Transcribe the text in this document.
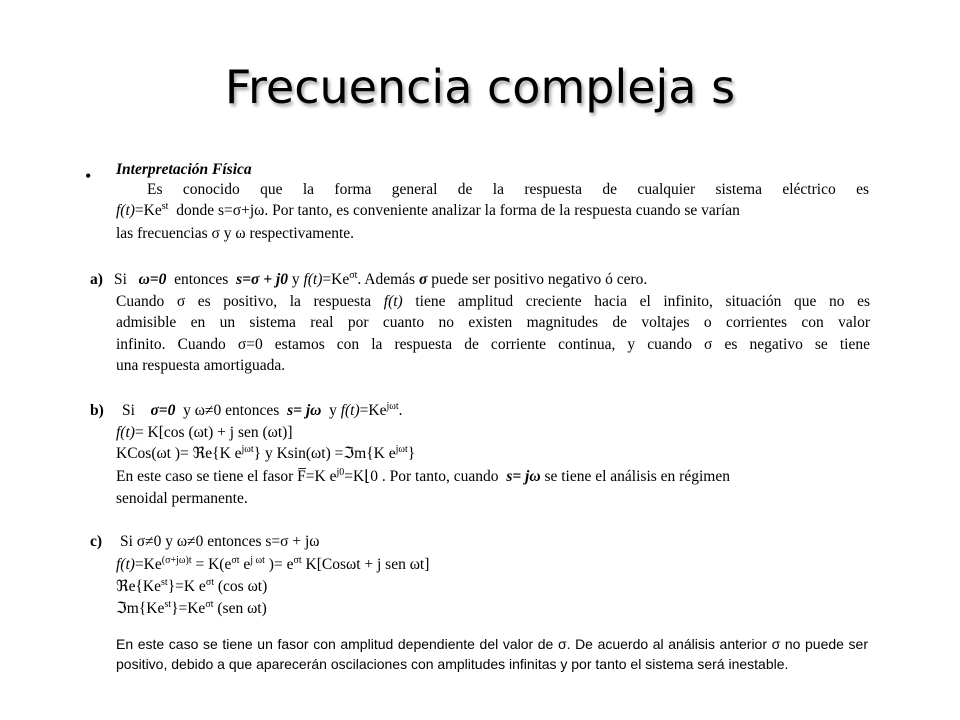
Frecuencia compleja s
• Interpretación Física
Es conocido que la forma general de la respuesta de cualquier sistema eléctrico es
$f(t)=Ke^{st}$ donde s=σ+jω. Por tanto, es conveniente analizar la forma de la respuesta cuando se varían
las frecuencias σ y ω respectivamente.
a) Si ω=0 entonces s=σ + j0 y $f(t)=Ke^{\sigma t}$. Además σ puede ser positivo negativo ó cero.
Cuando σ es positivo, la respuesta f(t) tiene amplitud creciente hacia el infinito, situación que no es
admisible en un sistema real por cuanto no existen magnitudes de voltajes o corrientes con valor
infinito. Cuando σ=0 estamos con la respuesta de corriente continua, y cuando σ es negativo se tiene
una respuesta amortiguada.
b) Si σ=0 y ω≠0 entonces s= jω y $f(t)=Ke^{j\omega t}$.
f(t)= K[cos (ωt) + j sen (ωt)]
KCos(ωt )= ℜe{K $e^{j\omega t}$} y Ksin(ωt) =ℑm{K $e^{j\omega t}$}
En este caso se tiene el fasor F̅=K $e^{j0}=K⌊0$ . Por tanto, cuando s= jω se tiene el análisis en régimen
senoidal permanente.
c) Si σ≠0 y ω≠0 entonces s=σ + jω
$f(t)=Ke^{(\sigma+j\omega)t} = K(e^{\sigma t}$ $e^{j \omega t}$ )= $e^{\sigma t}$ K[Cosωt + j sen ωt]
$ℜe\{Ke^{st}\}=K$ $e^{\sigma t}$ (cos ωt)
$ℑm\{Ke^{st}\}=Ke^{\sigma t}$ (sen ωt)
En este caso se tiene un fasor con amplitud dependiente del valor de σ. De acuerdo al análisis anterior σ no puede ser positivo, debido a que aparecerán oscilaciones con amplitudes infinitas y por tanto el sistema será inestable.
